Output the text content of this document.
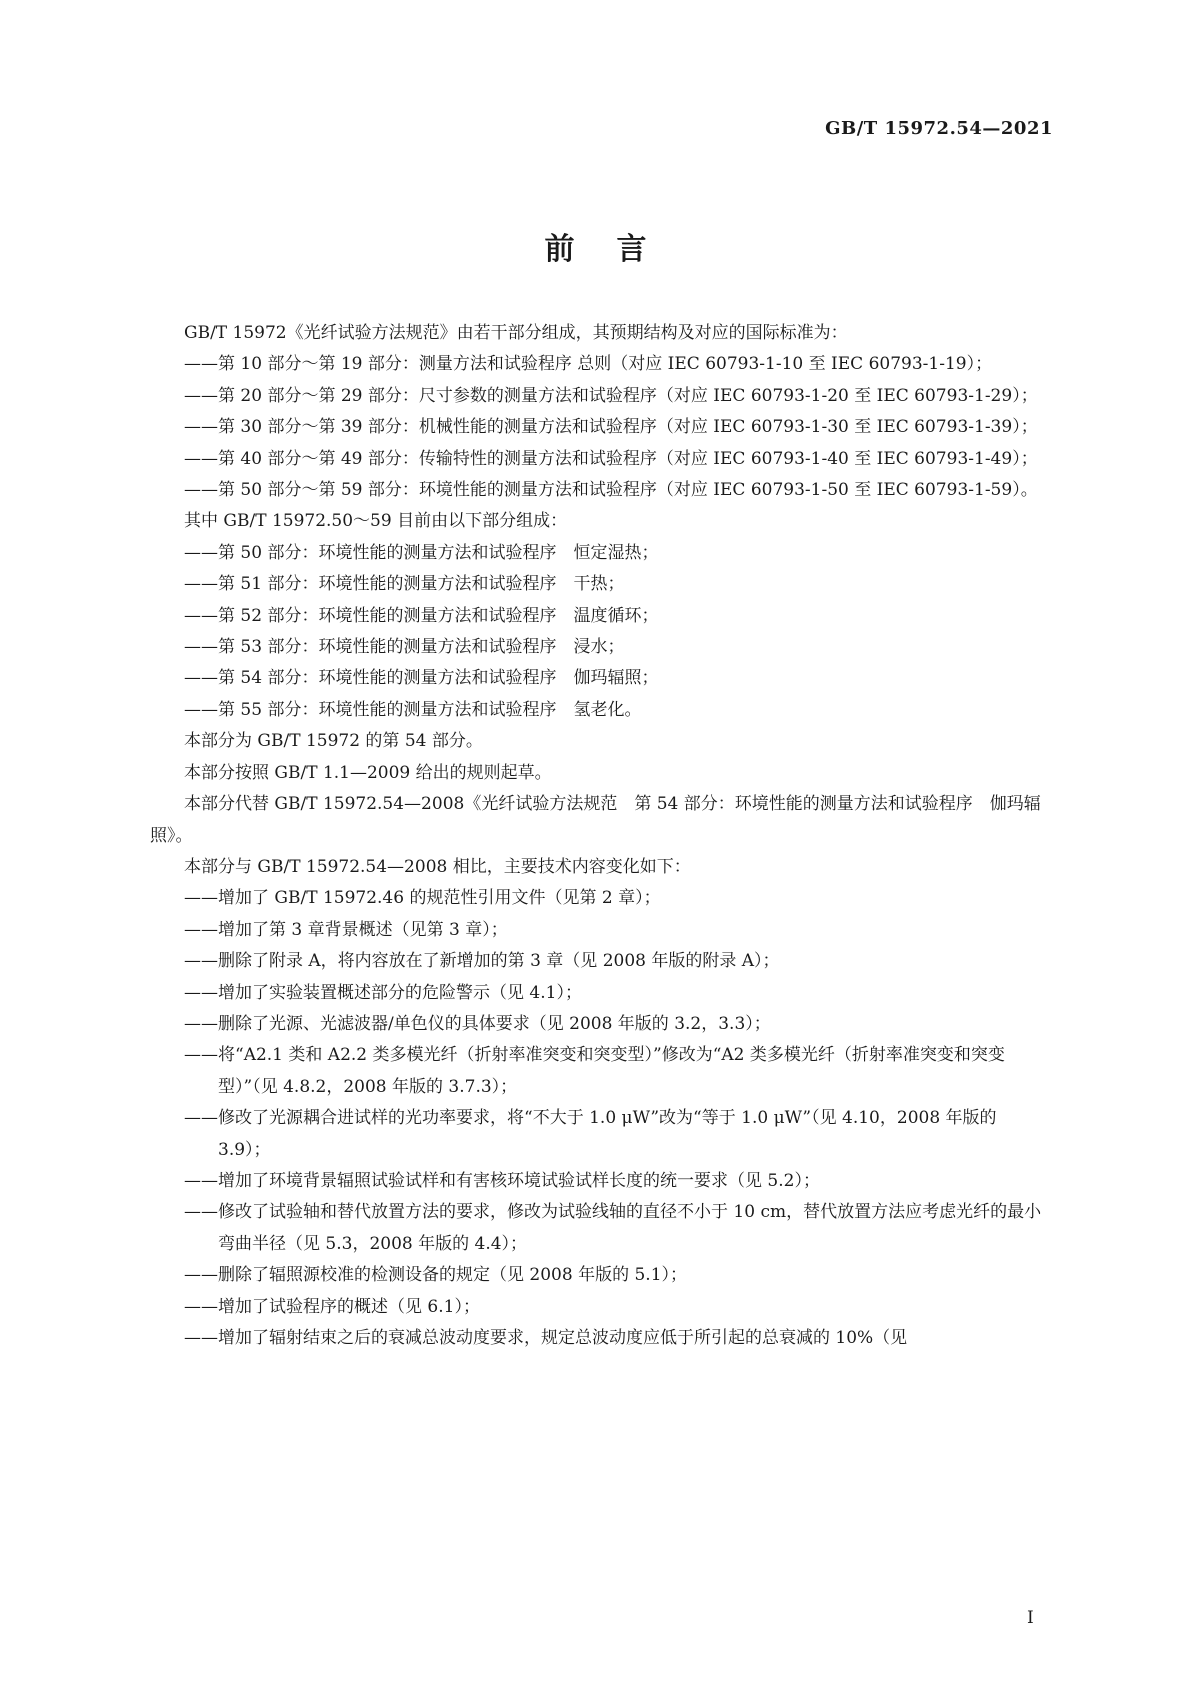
GB/T 15972.54—2021
前言

GB/T 15972《光纤试验方法规范》由若干部分组成，其预期结构及对应的国际标准为：

——第 10 部分～第 19 部分：测量方法和试验程序 总则（对应 IEC 60793-1-10 至 IEC 60793-1-19）；

——第 20 部分～第 29 部分：尺寸参数的测量方法和试验程序（对应 IEC 60793-1-20 至 IEC 60793-1-29）；

——第 30 部分～第 39 部分：机械性能的测量方法和试验程序（对应 IEC 60793-1-30 至 IEC 60793-1-39）；

——第 40 部分～第 49 部分：传输特性的测量方法和试验程序（对应 IEC 60793-1-40 至 IEC 60793-1-49）；

——第 50 部分～第 59 部分：环境性能的测量方法和试验程序（对应 IEC 60793-1-50 至 IEC 60793-1-59）。

其中 GB/T 15972.50～59 目前由以下部分组成：

——第 50 部分：环境性能的测量方法和试验程序　恒定湿热；

——第 51 部分：环境性能的测量方法和试验程序　干热；

——第 52 部分：环境性能的测量方法和试验程序　温度循环；

——第 53 部分：环境性能的测量方法和试验程序　浸水；

——第 54 部分：环境性能的测量方法和试验程序　伽玛辐照；

——第 55 部分：环境性能的测量方法和试验程序　氢老化。

本部分为 GB/T 15972 的第 54 部分。

本部分按照 GB/T 1.1—2009 给出的规则起草。

本部分代替 GB/T 15972.54—2008《光纤试验方法规范　第 54 部分：环境性能的测量方法和试验程序　伽玛辐照》。

本部分与 GB/T 15972.54—2008 相比，主要技术内容变化如下：

——增加了 GB/T 15972.46 的规范性引用文件（见第 2 章）；

——增加了第 3 章背景概述（见第 3 章）；

——删除了附录 A，将内容放在了新增加的第 3 章（见 2008 年版的附录 A）；

——增加了实验装置概述部分的危险警示（见 4.1）；

——删除了光源、光滤波器/单色仪的具体要求（见 2008 年版的 3.2，3.3）；

——将“A2.1 类和 A2.2 类多模光纤（折射率准突变和突变型）”修改为“A2 类多模光纤（折射率准突变和突变型）”（见 4.8.2，2008 年版的 3.7.3）；

——修改了光源耦合进试样的光功率要求，将“不大于 1.0 μW”改为“等于 1.0 μW”（见 4.10，2008 年版的 3.9）；

——增加了环境背景辐照试验试样和有害核环境试验试样长度的统一要求（见 5.2）；

——修改了试验轴和替代放置方法的要求，修改为试验线轴的直径不小于 10 cm，替代放置方法应考虑光纤的最小弯曲半径（见 5.3，2008 年版的 4.4）；

——删除了辐照源校准的检测设备的规定（见 2008 年版的 5.1）；

——增加了试验程序的概述（见 6.1）；

——增加了辐射结束之后的衰减总波动度要求，规定总波动度应低于所引起的总衰减的 10%（见

I
